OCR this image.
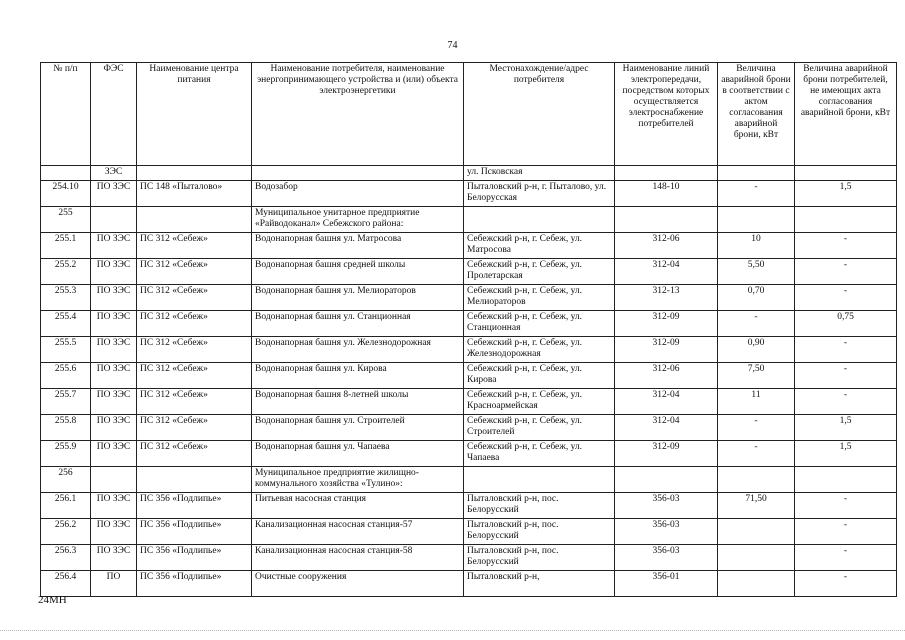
74
№ п/п	ФЭС	Наименование центра питания	Наименование потребителя, наименование энергопринимающего устройства и (или) объекта электроэнергетики	Местонахождение/адрес потребителя	Наименование линий электропередачи, посредством которых осуществляется электроснабжение потребителей	Величина аварийной брони в соответствии с актом согласования аварийной брони, кВт	Величина аварийной брони потребителей, не имеющих акта согласования аварийной брони, кВт
	ЗЭС			ул. Псковская			
254.10	ПО ЗЭС	ПС 148 «Пыталово»	Водозабор	Пыталовский р-н, г. Пыталово, ул. Белорусская	148-10	-	1,5
255			Муниципальное унитарное предприятие «Райводоканал» Себежского района:				
255.1	ПО ЗЭС	ПС 312 «Себеж»	Водонапорная башня ул. Матросова	Себежский р-н, г. Себеж, ул. Матросова	312-06	10	-
255.2	ПО ЗЭС	ПС 312 «Себеж»	Водонапорная башня средней школы	Себежский р-н, г. Себеж, ул. Пролетарская	312-04	5,50	-
255.3	ПО ЗЭС	ПС 312 «Себеж»	Водонапорная башня ул. Мелиораторов	Себежский р-н, г. Себеж, ул. Мелиораторов	312-13	0,70	-
255.4	ПО ЗЭС	ПС 312 «Себеж»	Водонапорная башня ул. Станционная	Себежский р-н, г. Себеж, ул. Станционная	312-09	-	0,75
255.5	ПО ЗЭС	ПС 312 «Себеж»	Водонапорная башня ул. Железнодорожная	Себежский р-н, г. Себеж, ул. Железнодорожная	312-09	0,90	-
255.6	ПО ЗЭС	ПС 312 «Себеж»	Водонапорная башня ул. Кирова	Себежский р-н, г. Себеж, ул. Кирова	312-06	7,50	-
255.7	ПО ЗЭС	ПС 312 «Себеж»	Водонапорная башня 8-летней школы	Себежский р-н, г. Себеж, ул. Красноармейская	312-04	11	-
255.8	ПО ЗЭС	ПС 312 «Себеж»	Водонапорная башня ул. Строителей	Себежский р-н, г. Себеж, ул. Строителей	312-04	-	1,5
255.9	ПО ЗЭС	ПС 312 «Себеж»	Водонапорная башня ул. Чапаева	Себежский р-н, г. Себеж, ул. Чапаева	312-09	-	1,5
256			Муниципальное предприятие жилищно-коммунального хозяйства «Тулино»:				
256.1	ПО ЗЭС	ПС 356 «Подлипье»	Питьевая насосная станция	Пыталовский р-н, пос. Белорусский	356-03	71,50	-
256.2	ПО ЗЭС	ПС 356 «Подлипье»	Канализационная насосная станция-57	Пыталовский р-н, пос. Белорусский	356-03		-
256.3	ПО ЗЭС	ПС 356 «Подлипье»	Канализационная насосная станция-58	Пыталовский р-н, пос. Белорусский	356-03		-
256.4	ПО	ПС 356 «Подлипье»	Очистные сооружения	Пыталовский р-н,	356-01		-
24МН
